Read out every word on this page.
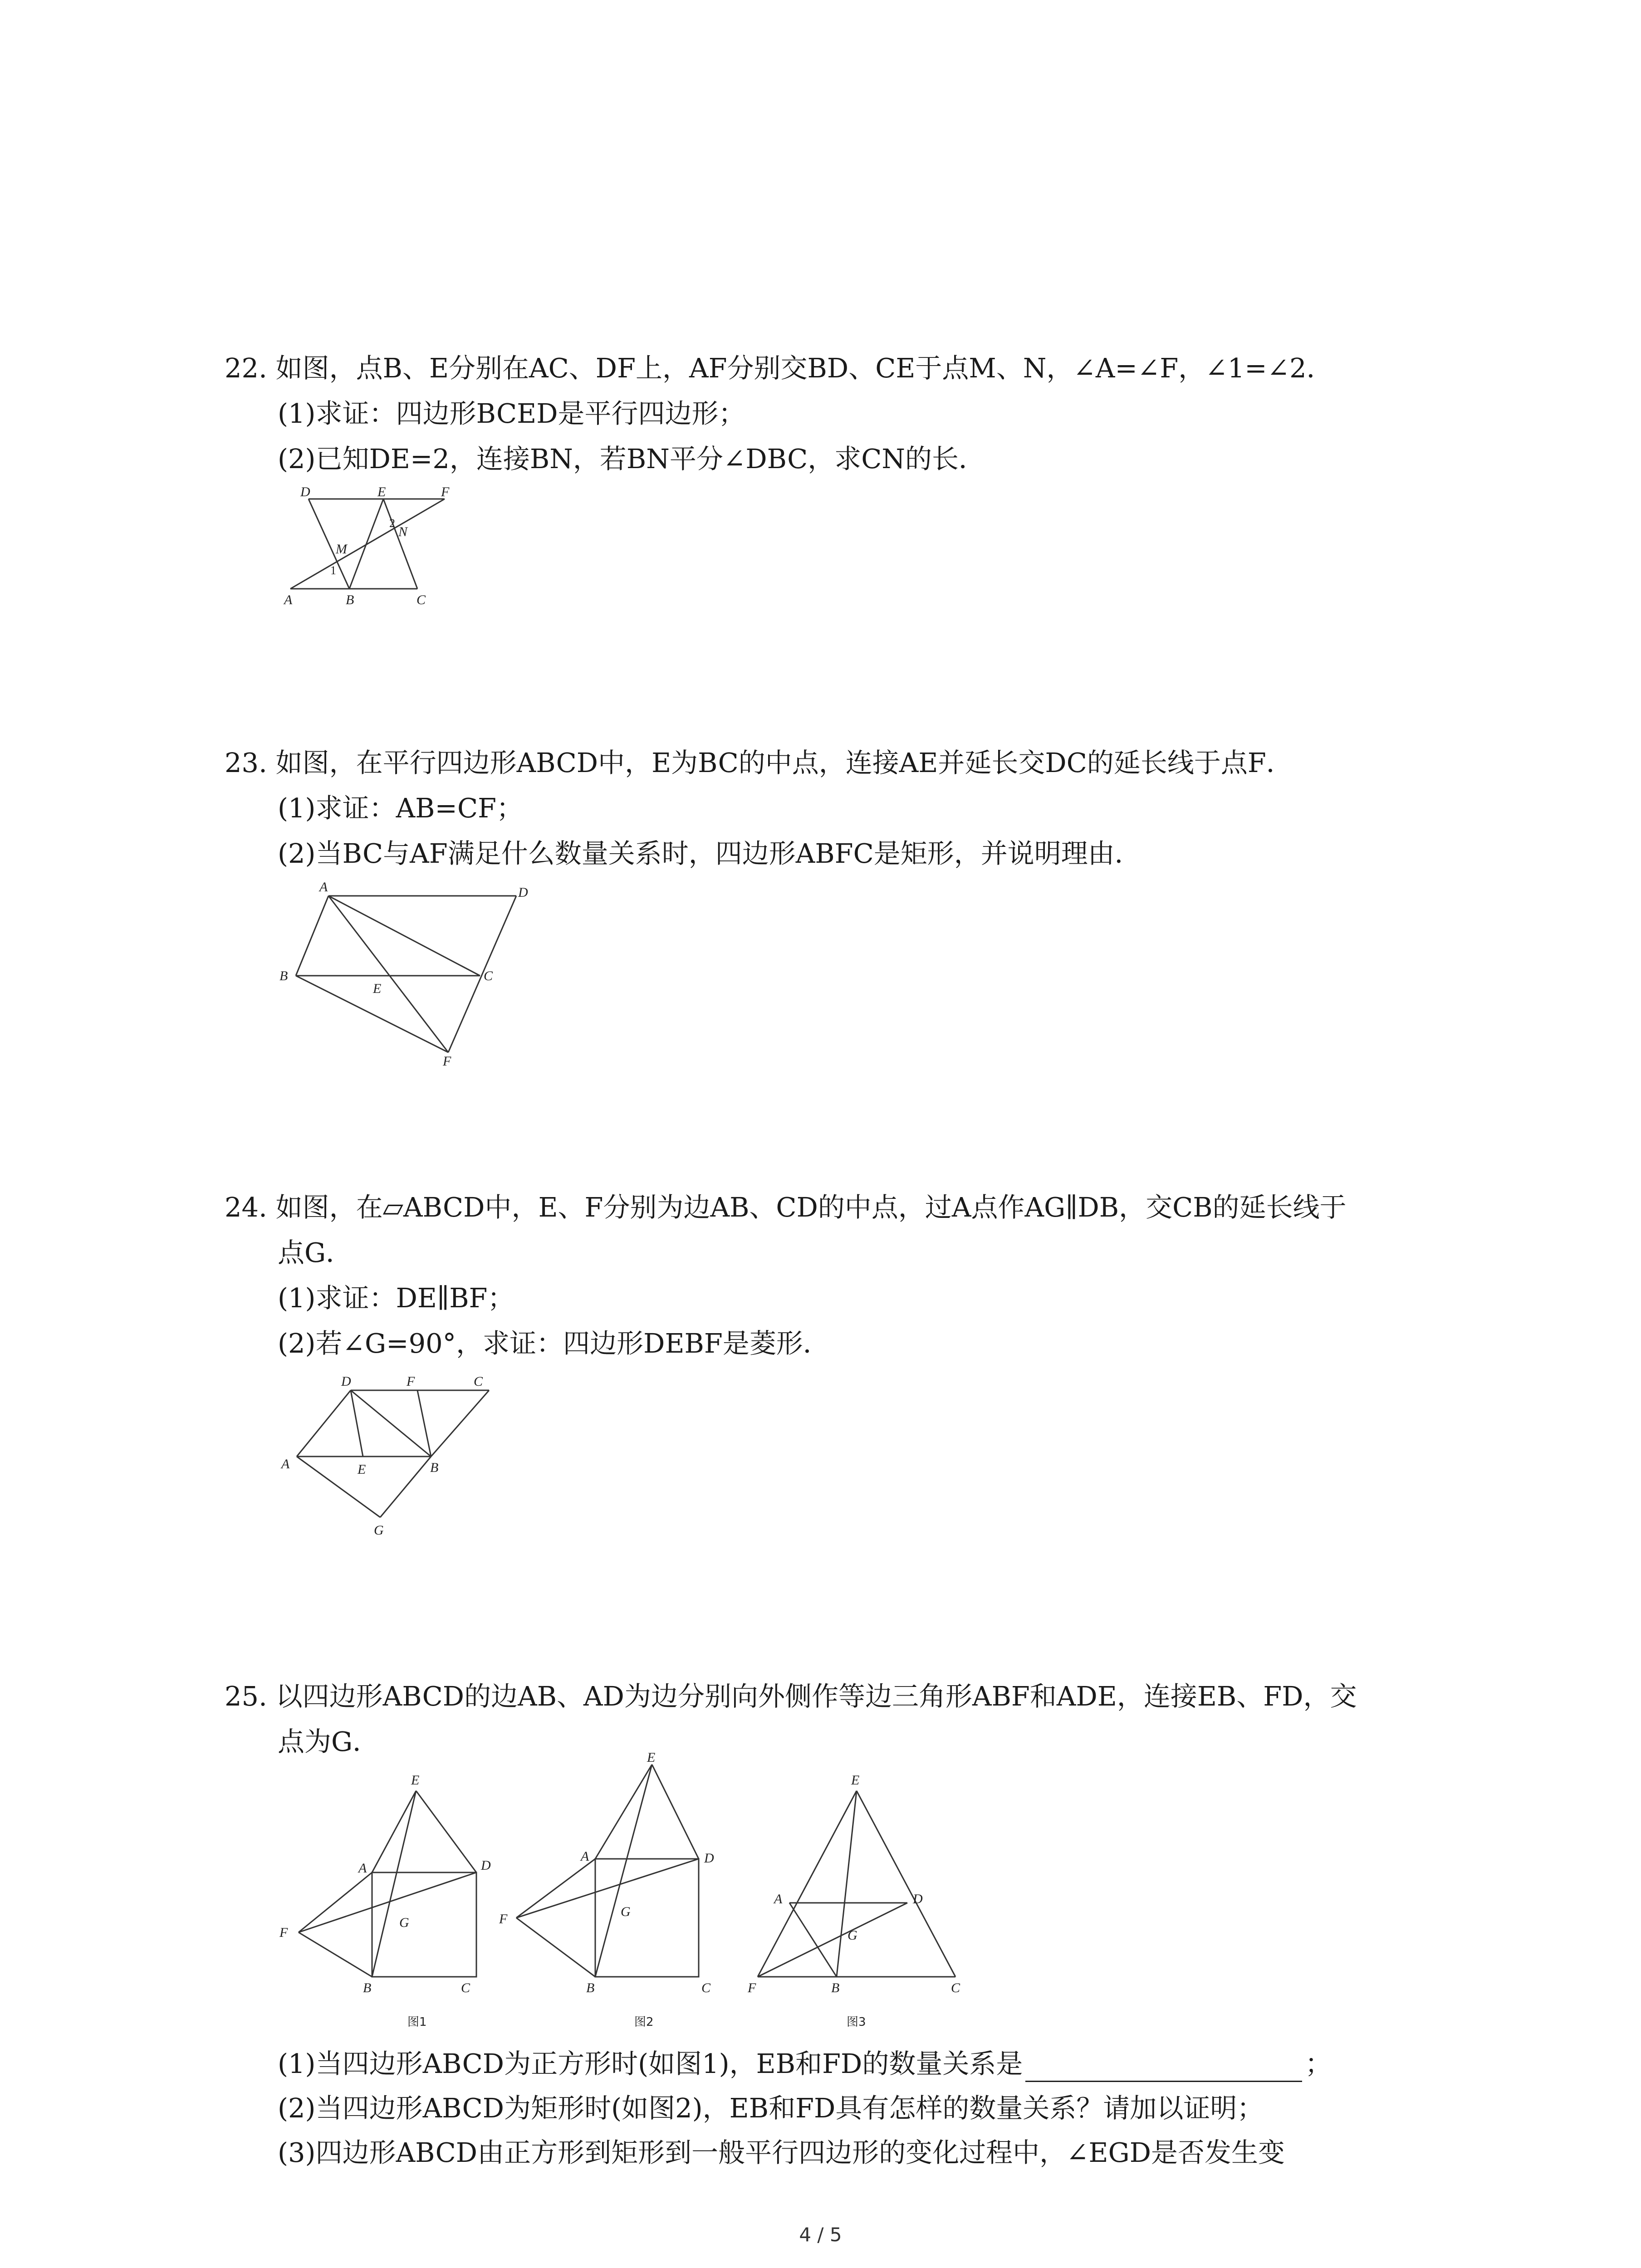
22. 如图，点B、E分别在AC、DF上，AF分别交BD、CE于点M、N，∠A=∠F，∠1=∠2．
(1)求证：四边形BCED是平行四边形；
(2)已知DE=2，连接BN，若BN平分∠DBC，求CN的长．
D	E	F
M
N
2
1
A	B	C
23. 如图，在平行四边形ABCD中，E为BC的中点，连接AE并延长交DC的延长线于点F．
(1)求证：AB=CF；
(2)当BC与AF满足什么数量关系时，四边形ABFC是矩形，并说明理由．
A	D
B
E
C
F
24. 如图，在▱ABCD中，E、F分别为边AB、CD的中点，过A点作AG∥DB，交CB的延长线于
点G．
(1)求证：DE∥BF；
(2)若∠G=90°，求证：四边形DEBF是菱形．
D	F	C
A	E	B
G
25. 以四边形ABCD的边AB、AD为边分别向外侧作等边三角形ABF和ADE，连接EB、FD，交
点为G．
E
A	D
F
G
B	C
图1
E
A	D
F	G
B	C
图2
E
A	D
G
F	B	C
图3
(1)当四边形ABCD为正方形时(如图1)，EB和FD的数量关系是	；
(2)当四边形ABCD为矩形时(如图2)，EB和FD具有怎样的数量关系？请加以证明；
(3)四边形ABCD由正方形到矩形到一般平行四边形的变化过程中，∠EGD是否发生变
4 / 5
